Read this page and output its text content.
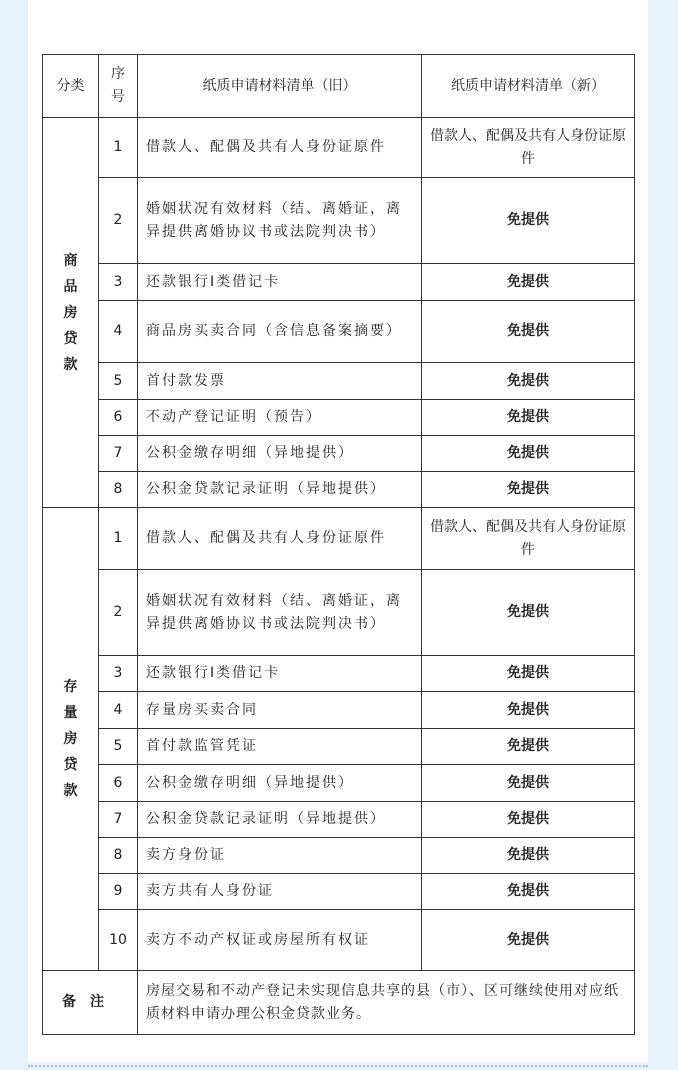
分类	序号	纸质申请材料清单（旧）	纸质申请材料清单（新）

商
品
房
贷
款	1	借款人、配偶及共有人身份证原件	借款人、配偶及共有人身份证原件
	2	婚姻状况有效材料（结、离婚证，离异提供离婚协议书或法院判决书）	免提供
	3	还款银行I类借记卡	免提供
	4	商品房买卖合同（含信息备案摘要）	免提供
	5	首付款发票	免提供
	6	不动产登记证明（预告）	免提供
	7	公积金缴存明细（异地提供）	免提供
	8	公积金贷款记录证明（异地提供）	免提供

存
量
房
贷
款	1	借款人、配偶及共有人身份证原件	借款人、配偶及共有人身份证原件
	2	婚姻状况有效材料（结、离婚证，离异提供离婚协议书或法院判决书）	免提供
	3	还款银行I类借记卡	免提供
	4	存量房买卖合同	免提供
	5	首付款监管凭证	免提供
	6	公积金缴存明细（异地提供）	免提供
	7	公积金贷款记录证明（异地提供）	免提供
	8	卖方身份证	免提供
	9	卖方共有人身份证	免提供
	10	卖方不动产权证或房屋所有权证	免提供
备注		房屋交易和不动产登记未实现信息共享的县（市）、区可继续使用对应纸质材料申请办理公积金贷款业务。	
